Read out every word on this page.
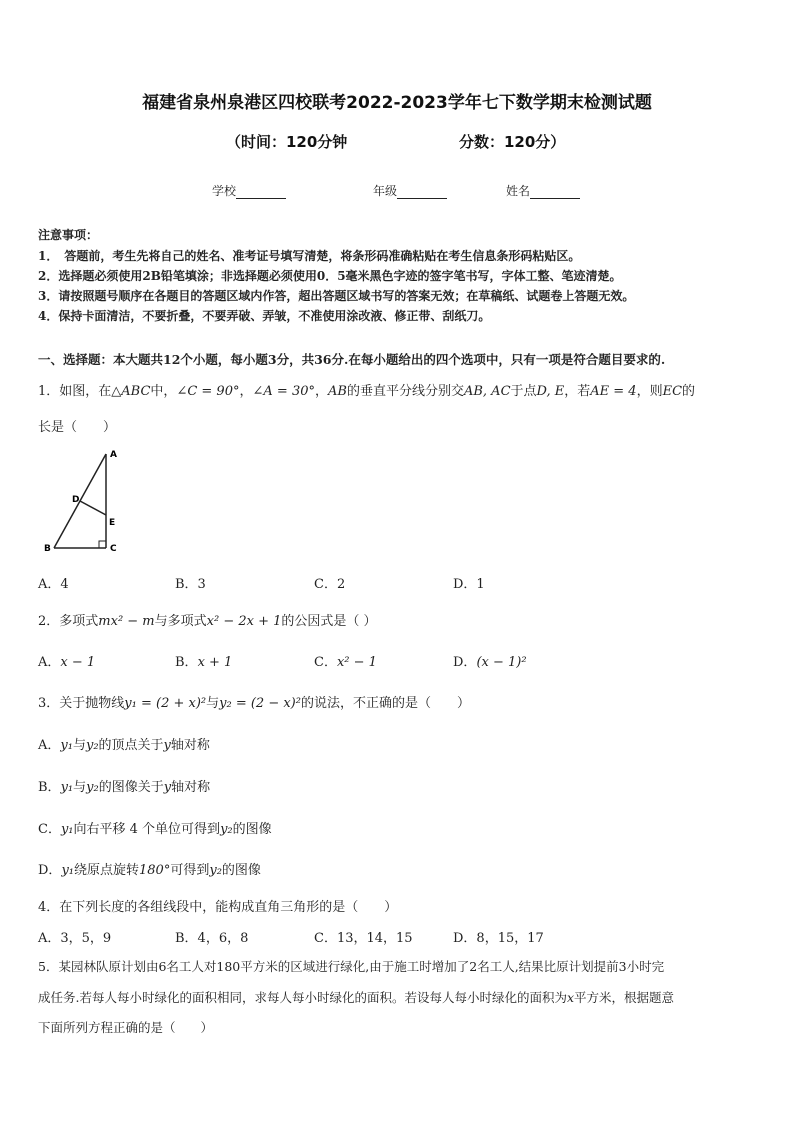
福建省泉州泉港区四校联考2022-2023学年七下数学期末检测试题
（时间：120分钟	分数：120分）
学校	年级	姓名
注意事项：
1．　答题前，考生先将自己的姓名、准考证号填写清楚，将条形码准确粘贴在考生信息条形码粘贴区。
2．选择题必须使用2B铅笔填涂；非选择题必须使用0．5毫米黑色字迹的签字笔书写，字体工整、笔迹清楚。
3．请按照题号顺序在各题目的答题区域内作答，超出答题区域书写的答案无效；在草稿纸、试题卷上答题无效。
4．保持卡面清洁，不要折叠，不要弄破、弄皱，不准使用涂改液、修正带、刮纸刀。
一、选择题：本大题共12个小题，每小题3分，共36分.在每小题给出的四个选项中，只有一项是符合题目要求的.
1．如图，在△ABC中，∠C = 90°，∠A = 30°，AB的垂直平分线分别交AB, AC于点D, E，若AE = 4，则EC的
长是（　　）
A
D
E
B	C
A．4	B．3	C．2	D．1
2．多项式mx² − m与多项式x² − 2x + 1的公因式是（ ）
A．x − 1	B．x + 1	C．x² − 1	D．(x − 1)²
3．关于抛物线y₁ = (2 + x)²与y₂ = (2 − x)²的说法，不正确的是（　　）
A．y₁与y₂的顶点关于y轴对称
B．y₁与y₂的图像关于y轴对称
C．y₁向右平移 4 个单位可得到y₂的图像
D．y₁绕原点旋转180°可得到y₂的图像
4．在下列长度的各组线段中，能构成直角三角形的是（　　）
A．3，5，9	B．4，6，8	C．13，14，15	D．8，15，17
5．某园林队原计划由6名工人对180平方米的区域进行绿化,由于施工时增加了2名工人,结果比原计划提前3小时完
成任务.若每人每小时绿化的面积相同，求每人每小时绿化的面积。若设每人每小时绿化的面积为x平方米，根据题意
下面所列方程正确的是（　　）
